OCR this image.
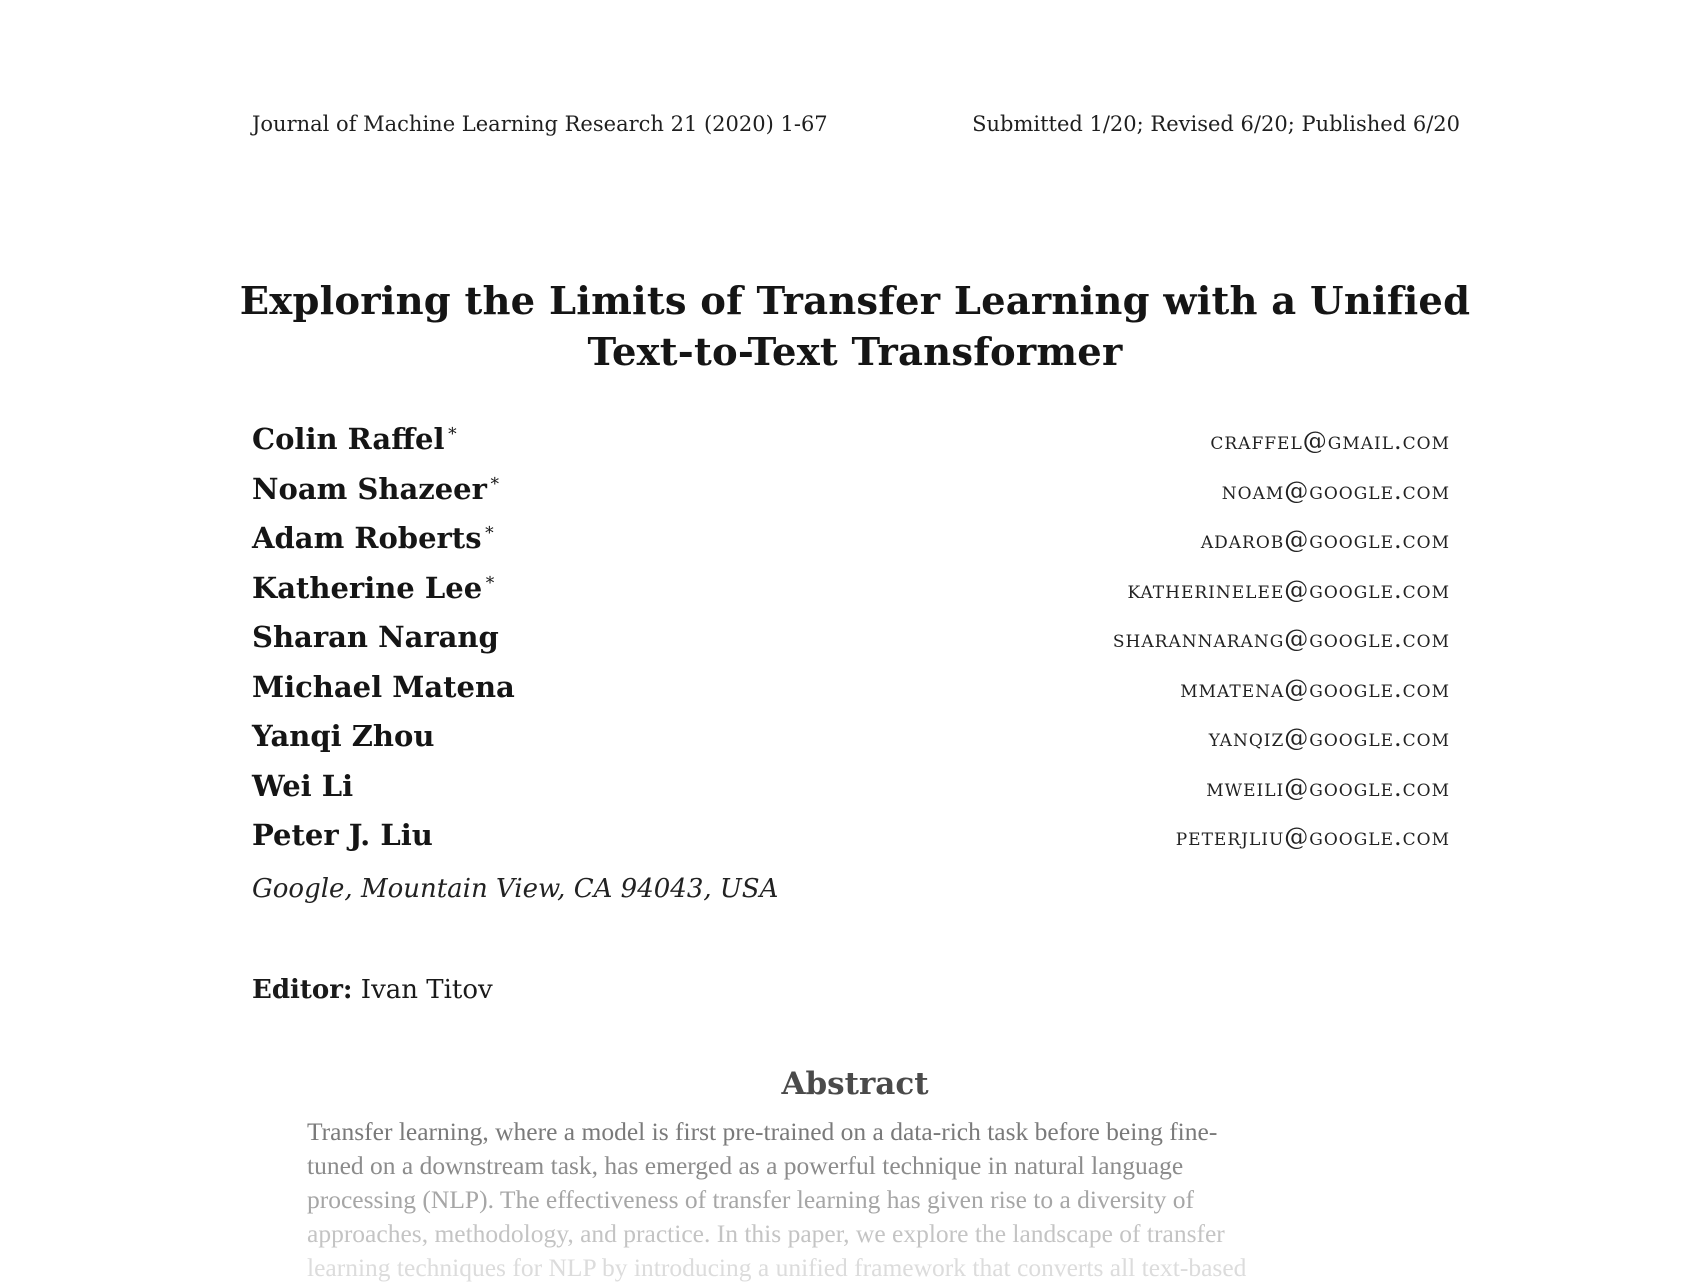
Journal of Machine Learning Research 21 (2020) 1-67	Submitted 1/20; Revised 6/20; Published 6/20
Exploring the Limits of Transfer Learning with a Unified
Text-to-Text Transformer
Colin Raffel ∗	craffel@gmail.com
Noam Shazeer ∗	noam@google.com
Adam Roberts ∗	adarob@google.com
Katherine Lee ∗	katherinelee@google.com
Sharan Narang	sharannarang@google.com
Michael Matena	mmatena@google.com
Yanqi Zhou	yanqiz@google.com
Wei Li	mweili@google.com
Peter J. Liu	peterjliu@google.com
Google, Mountain View, CA 94043, USA
Editor: Ivan Titov
Abstract
Transfer learning, where a model is first pre-trained on a data-rich task before being fine-
tuned on a downstream task, has emerged as a powerful technique in natural language
processing (NLP). The effectiveness of transfer learning has given rise to a diversity of
approaches, methodology, and practice. In this paper, we explore the landscape of transfer
learning techniques for NLP by introducing a unified framework that converts all text-based
